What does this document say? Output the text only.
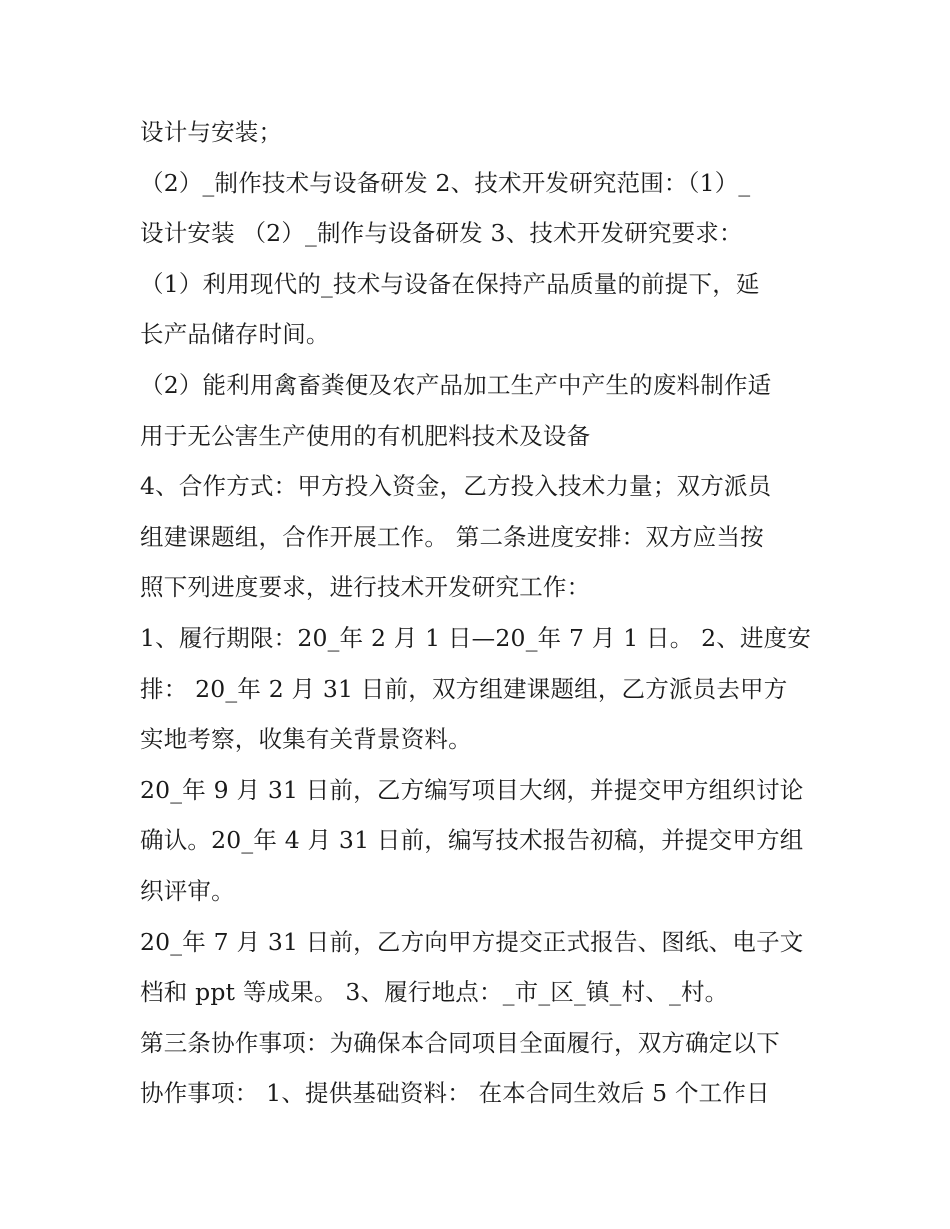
设计与安装；
（2）_制作技术与设备研发 2、技术开发研究范围：（1）_
设计安装 （2）_制作与设备研发 3、技术开发研究要求：
（1）利用现代的_技术与设备在保持产品质量的前提下，延
长产品储存时间。
（2）能利用禽畜粪便及农产品加工生产中产生的废料制作适
用于无公害生产使用的有机肥料技术及设备
4、合作方式：甲方投入资金，乙方投入技术力量；双方派员
组建课题组，合作开展工作。 第二条进度安排：双方应当按
照下列进度要求，进行技术开发研究工作：
1、履行期限：20_年 2 月 1 日—20_年 7 月 1 日。 2、进度安
排： 20_年 2 月 31 日前，双方组建课题组，乙方派员去甲方
实地考察，收集有关背景资料。
20_年 9 月 31 日前，乙方编写项目大纲，并提交甲方组织讨论
确认。20_年 4 月 31 日前，编写技术报告初稿，并提交甲方组
织评审。
20_年 7 月 31 日前，乙方向甲方提交正式报告、图纸、电子文
档和 ppt 等成果。 3、履行地点：_市_区_镇_村、_村。
第三条协作事项：为确保本合同项目全面履行，双方确定以下
协作事项： 1、提供基础资料： 在本合同生效后 5 个工作日
